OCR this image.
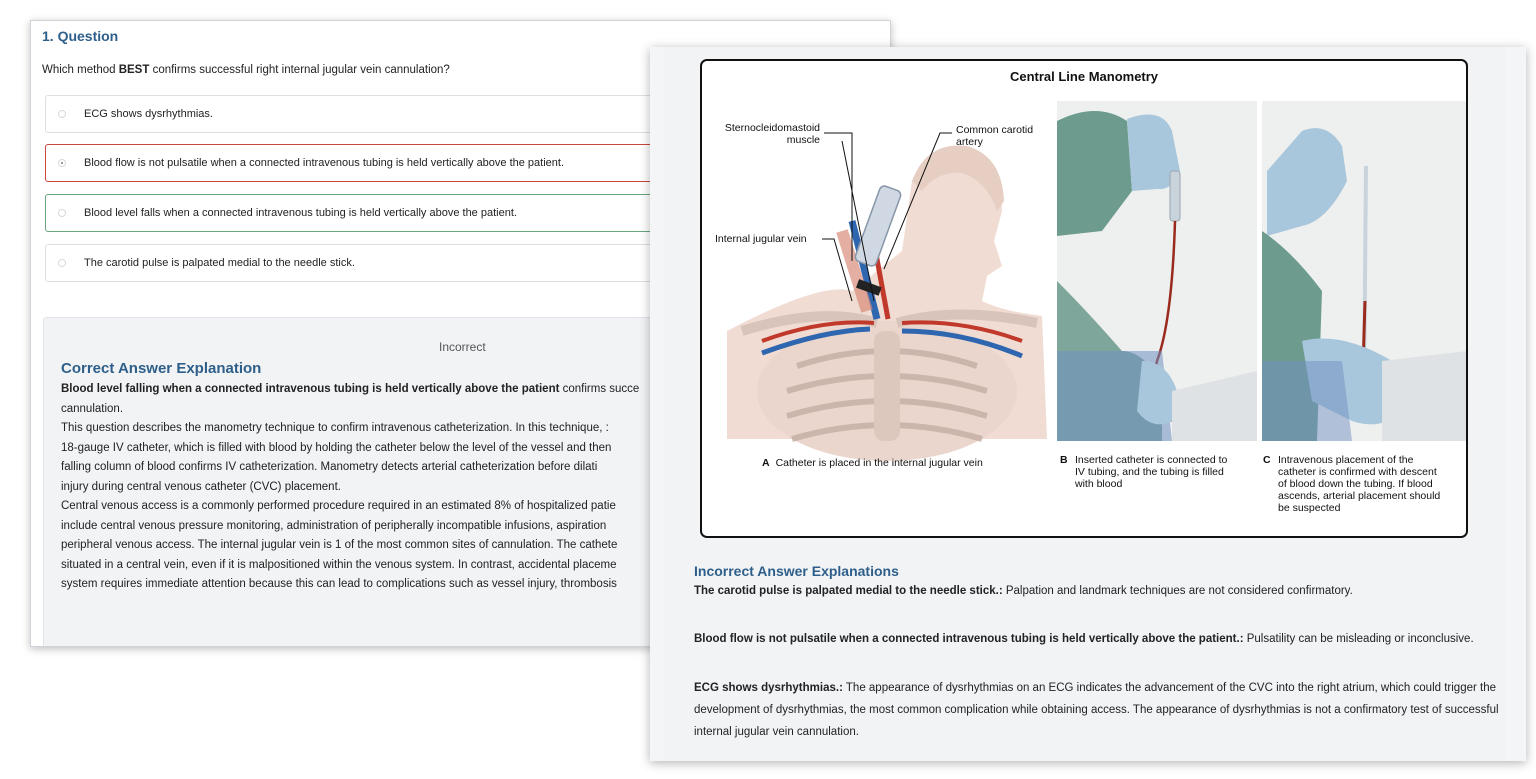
1. Question
Which method BEST confirms successful right internal jugular vein cannulation?
ECG shows dysrhythmias.
Blood flow is not pulsatile when a connected intravenous tubing is held vertically above the patient.
Blood level falls when a connected intravenous tubing is held vertically above the patient.
The carotid pulse is palpated medial to the needle stick.
Incorrect
Correct Answer Explanation

Blood level falling when a connected intravenous tubing is held vertically above the patient confirms succe

cannulation.

This question describes the manometry technique to confirm intravenous catheterization. In this technique, :

18-gauge IV catheter, which is filled with blood by holding the catheter below the level of the vessel and then

falling column of blood confirms IV catheterization. Manometry detects arterial catheterization before dilati

injury during central venous catheter (CVC) placement.

Central venous access is a commonly performed procedure required in an estimated 8% of hospitalized patie

include central venous pressure monitoring, administration of peripherally incompatible infusions, aspiration

peripheral venous access. The internal jugular vein is 1 of the most common sites of cannulation. The cathete

situated in a central vein, even if it is malpositioned within the venous system. In contrast, accidental placeme

system requires immediate attention because this can lead to complications such as vessel injury, thrombosis

Central Line Manometry
Sternocleidomastoid
muscle
Common carotid
artery
Internal jugular vein
A Catheter is placed in the internal jugular vein	B Inserted catheter is connected to
IV tubing, and the tubing is filled
with blood
C Intravenous placement of the
catheter is confirmed with descent
of blood down the tubing. If blood
ascends, arterial placement should
be suspected
Incorrect Answer Explanations
The carotid pulse is palpated medial to the needle stick.: Palpation and landmark techniques are not considered confirmatory.
Blood flow is not pulsatile when a connected intravenous tubing is held vertically above the patient.: Pulsatility can be misleading or inconclusive.
ECG shows dysrhythmias.: The appearance of dysrhythmias on an ECG indicates the advancement of the CVC into the right atrium, which could trigger the development of dysrhythmias, the most common complication while obtaining access. The appearance of dysrhythmias is not a confirmatory test of successful internal jugular vein cannulation.
